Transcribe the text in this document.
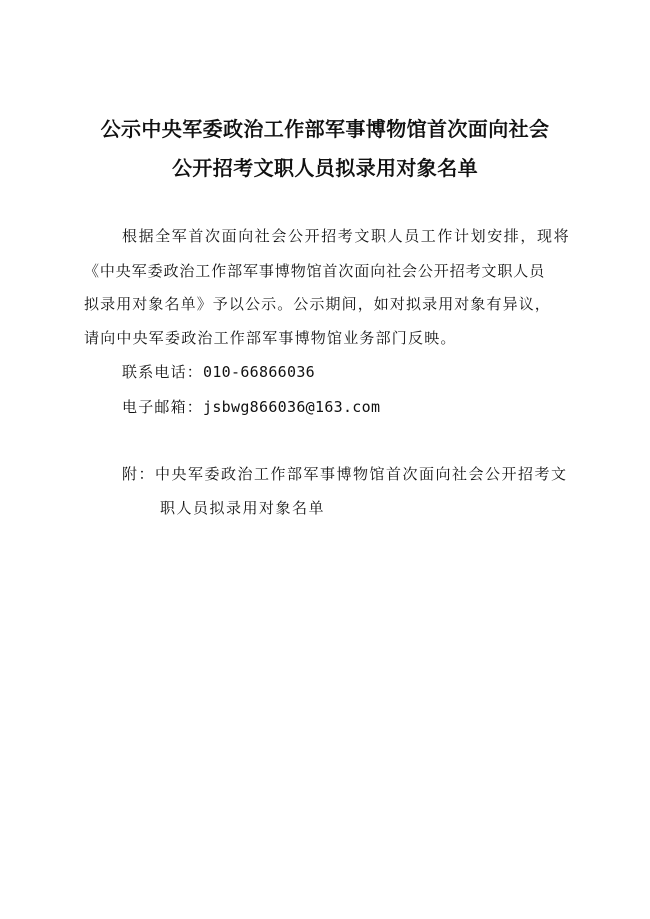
公示中央军委政治工作部军事博物馆首次面向社会
公开招考文职人员拟录用对象名单
根据全军首次面向社会公开招考文职人员工作计划安排，现将
《中央军委政治工作部军事博物馆首次面向社会公开招考文职人员
拟录用对象名单》予以公示。公示期间，如对拟录用对象有异议，
请向中央军委政治工作部军事博物馆业务部门反映。
联系电话：010-66866036
电子邮箱：jsbwg866036@163.com
附：中央军委政治工作部军事博物馆首次面向社会公开招考文
职人员拟录用对象名单
